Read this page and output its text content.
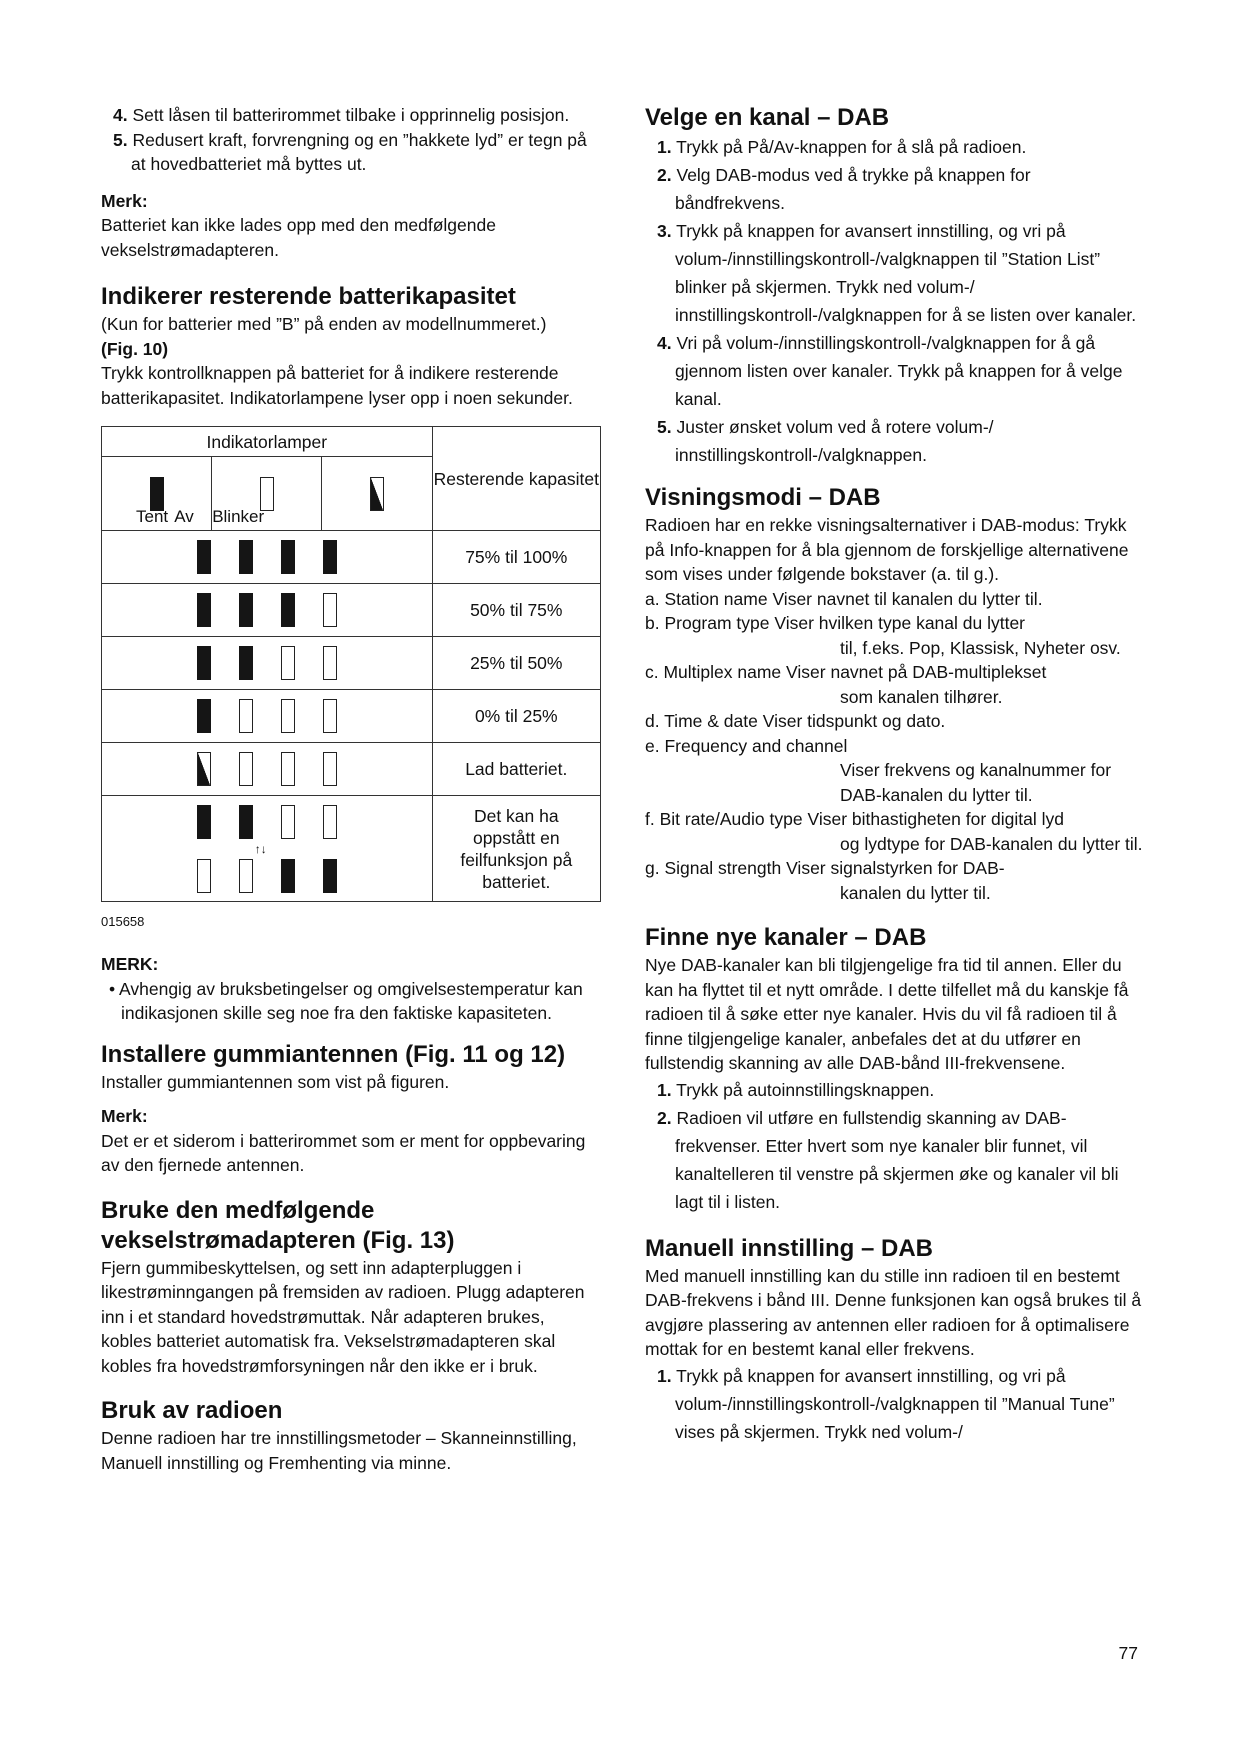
4. Sett låsen til batterirommet tilbake i opprinnelig posisjon.

5. Redusert kraft, forvrengning og en ”hakkete lyd” er tegn på at hovedbatteriet må byttes ut.

Merk:

Batteriet kan ikke lades opp med den medfølgende vekselstrømadapteren.

Indikerer resterende batterikapasitet

(Kun for batterier med ”B” på enden av modellnummeret.)

(Fig. 10)

Trykk kontrollknappen på batteriet for å indikere resterende batterikapasitet. Indikatorlampene lyser opp i noen sekunder.

Indikatorlamper			Resterende kapasitet

Tent	Av Blinker		

			75% til 100%
			50% til 75%
			25% til 50%
			0% til 25%
			Lad batteriet.

↑↓			Det kan ha oppstått en feilfunksjon på batteriet.

015658

MERK:

• Avhengig av bruksbetingelser og omgivelsestemperatur kan indikasjonen skille seg noe fra den faktiske kapasiteten.

Installere gummiantennen (Fig. 11 og 12)

Installer gummiantennen som vist på figuren.

Merk:

Det er et siderom i batterirommet som er ment for oppbevaring av den fjernede antennen.

Bruke den medfølgende vekselstrømadapteren (Fig. 13)

Fjern gummibeskyttelsen, og sett inn adapterpluggen i likestrøminngangen på fremsiden av radioen. Plugg adapteren inn i et standard hovedstrømuttak. Når adapteren brukes, kobles batteriet automatisk fra. Vekselstrømadapteren skal kobles fra hovedstrømforsyningen når den ikke er i bruk.

Bruk av radioen

Denne radioen har tre innstillingsmetoder – Skanneinnstilling, Manuell innstilling og Fremhenting via minne.

Velge en kanal – DAB

1. Trykk på På/Av-knappen for å slå på radioen.

2. Velg DAB-modus ved å trykke på knappen for båndfrekvens.

3. Trykk på knappen for avansert innstilling, og vri på volum-/innstillingskontroll-/valgknappen til ”Station List” blinker på skjermen. Trykk ned volum-/ innstillingskontroll-/valgknappen for å se listen over kanaler.

4. Vri på volum-/innstillingskontroll-/valgknappen for å gå gjennom listen over kanaler. Trykk på knappen for å velge kanal.

5. Juster ønsket volum ved å rotere volum-/ innstillingskontroll-/valgknappen.

Visningsmodi – DAB

Radioen har en rekke visningsalternativer i DAB-modus: Trykk på Info-knappen for å bla gjennom de forskjellige alternativene som vises under følgende bokstaver (a. til g.).

a. Station name Viser navnet til kanalen du lytter til.

b. Program type Viser hvilken type kanal du lytter

til, f.eks. Pop, Klassisk, Nyheter osv.

c. Multiplex name Viser navnet på DAB-multiplekset

som kanalen tilhører.

d. Time & date Viser tidspunkt og dato.

e. Frequency and channel

Viser frekvens og kanalnummer for DAB-kanalen du lytter til.

f. Bit rate/Audio type Viser bithastigheten for digital lyd

og lydtype for DAB-kanalen du lytter til.

g. Signal strength Viser signalstyrken for DAB-

kanalen du lytter til.

Finne nye kanaler – DAB

Nye DAB-kanaler kan bli tilgjengelige fra tid til annen. Eller du kan ha flyttet til et nytt område. I dette tilfellet må du kanskje få radioen til å søke etter nye kanaler. Hvis du vil få radioen til å finne tilgjengelige kanaler, anbefales det at du utfører en fullstendig skanning av alle DAB-bånd III-frekvensene.

1. Trykk på autoinnstillingsknappen.

2. Radioen vil utføre en fullstendig skanning av DAB-frekvenser. Etter hvert som nye kanaler blir funnet, vil kanaltelleren til venstre på skjermen øke og kanaler vil bli lagt til i listen.

Manuell innstilling – DAB

Med manuell innstilling kan du stille inn radioen til en bestemt DAB-frekvens i bånd III. Denne funksjonen kan også brukes til å avgjøre plassering av antennen eller radioen for å optimalisere mottak for en bestemt kanal eller frekvens.

1. Trykk på knappen for avansert innstilling, og vri på volum-/innstillingskontroll-/valgknappen til ”Manual Tune” vises på skjermen. Trykk ned volum-/

77
